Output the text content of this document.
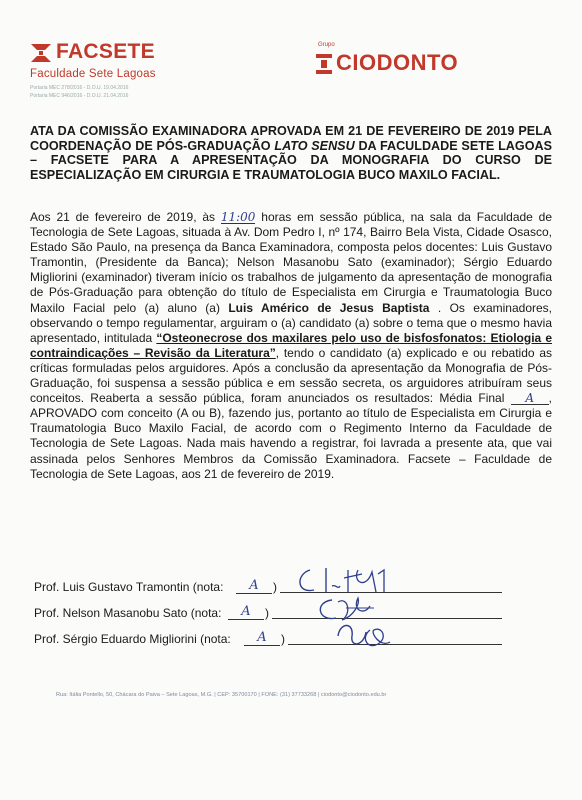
FACSETE
Faculdade Sete Lagoas
Portaria MEC 278/2016 - D.O.U. 19.04.2016
Portaria MEC 946/2016 - D.O.U. 21.04.2016
Grupo
CIODONTO

ATA DA COMISSÃO EXAMINADORA APROVADA EM 21 DE FEVEREIRO DE 2019 PELA COORDENAÇÃO DE PÓS-GRADUAÇÃO LATO SENSU DA FACULDADE SETE LAGOAS – FACSETE PARA A APRESENTAÇÃO DA MONOGRAFIA DO CURSO DE ESPECIALIZAÇÃO EM CIRURGIA E TRAUMATOLOGIA BUCO MAXILO FACIAL.

Aos 21 de fevereiro de 2019, às 11:00 horas em sessão pública, na sala da Faculdade de Tecnologia de Sete Lagoas, situada à Av. Dom Pedro I, nº 174, Bairro Bela Vista, Cidade Osasco, Estado São Paulo, na presença da Banca Examinadora, composta pelos docentes: Luis Gustavo Tramontin, (Presidente da Banca); Nelson Masanobu Sato (examinador); Sérgio Eduardo Migliorini (examinador) tiveram início os trabalhos de julgamento da apresentação de monografia de Pós-Graduação para obtenção do título de Especialista em Cirurgia e Traumatologia Buco Maxilo Facial pelo (a) aluno (a) Luis Américo de Jesus Baptista . Os examinadores, observando o tempo regulamentar, arguiram o (a) candidato (a) sobre o tema que o mesmo havia apresentado, intitulada “Osteonecrose dos maxilares pelo uso de bisfosfonatos: Etiologia e contraindicações – Revisão da Literatura”, tendo o candidato (a) explicado e ou rebatido as críticas formuladas pelos arguidores. Após a conclusão da apresentação da Monografia de Pós-Graduação, foi suspensa a sessão pública e em sessão secreta, os arguidores atribuíram seus conceitos. Reaberta a sessão pública, foram anunciados os resultados: Média Final A , APROVADO com conceito (A ou B), fazendo jus, portanto ao título de Especialista em Cirurgia e Traumatologia Buco Maxilo Facial, de acordo com o Regimento Interno da Faculdade de Tecnologia de Sete Lagoas. Nada mais havendo a registrar, foi lavrada a presente ata, que vai assinada pelos Senhores Membros da Comissão Examinadora. Facsete – Faculdade de Tecnologia de Sete Lagoas, aos 21 de fevereiro de 2019.

Prof. Luis Gustavo Tramontin (nota:	A	)
Prof. Nelson Masanobu Sato (nota:	A	)
Prof. Sérgio Eduardo Migliorini (nota:	A	)
Rua: Itália Pontello, 50, Chácara do Paiva – Sete Lagoas, M.G. | CEP: 35700170 | FONE: (31) 37733268 | ciodonto@ciodonto.edu.br
